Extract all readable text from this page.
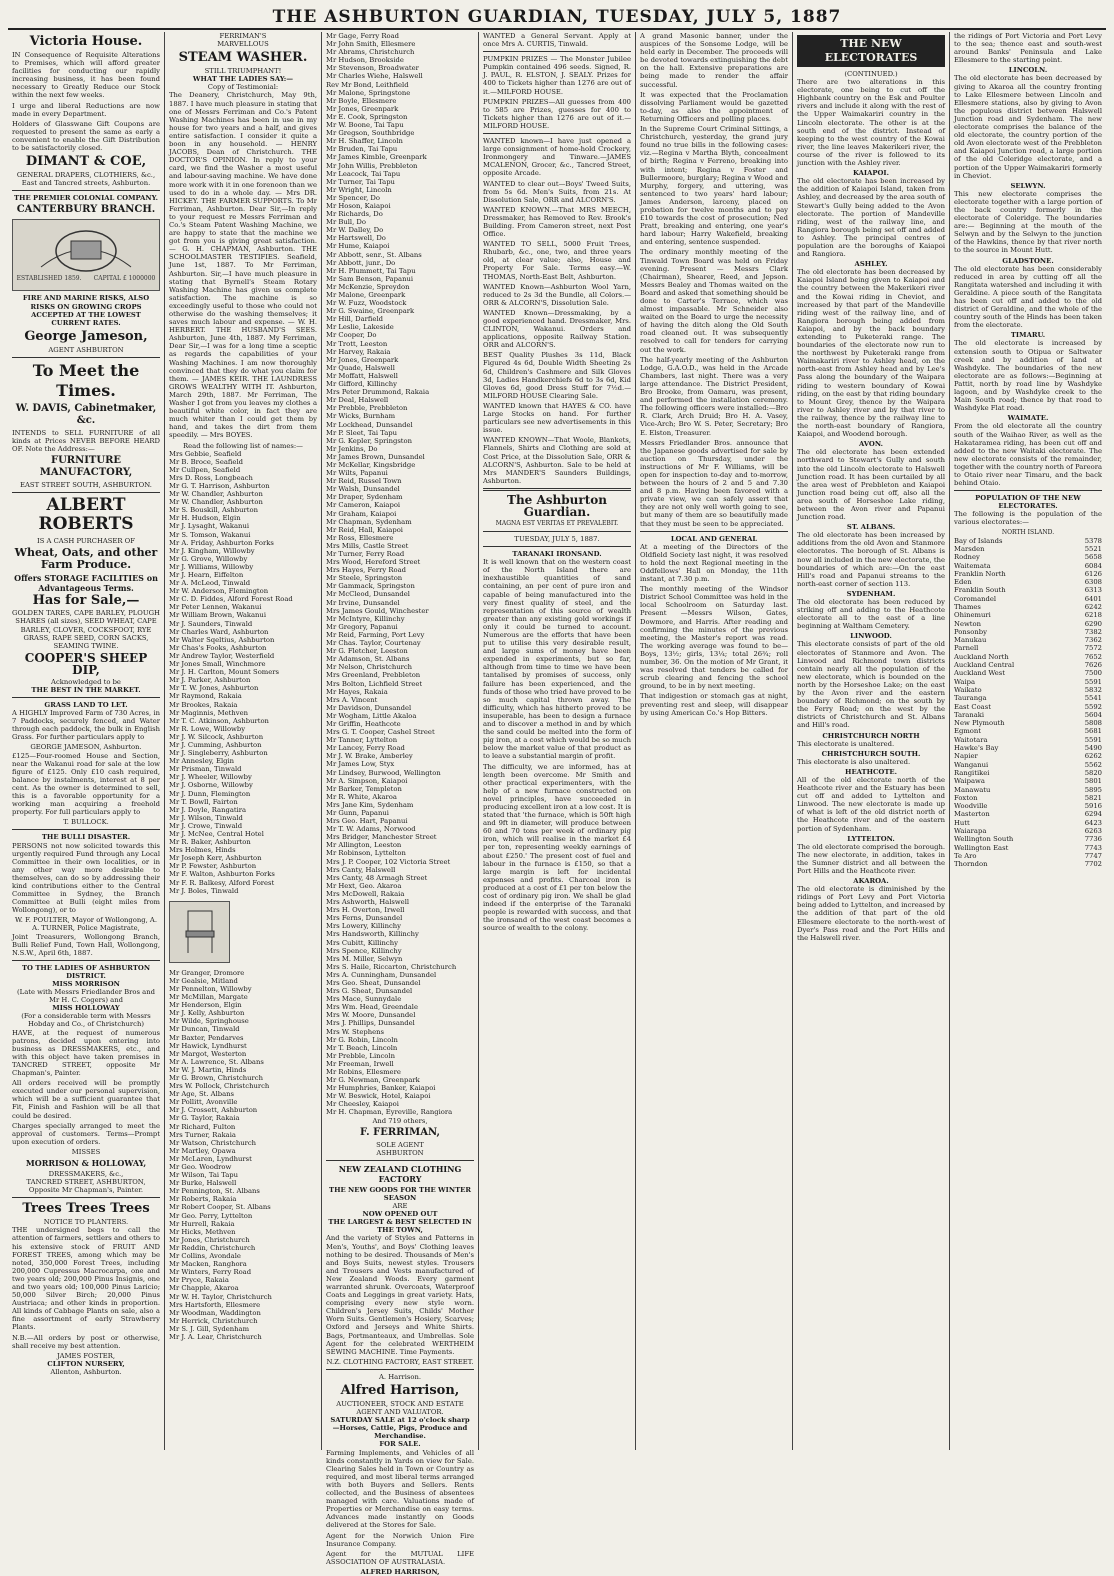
THE ASHBURTON GUARDIAN, TUESDAY, JULY 5, 1887
Victoria House.

IN Consequence of Requisite Alterations to Premises, which will afford greater facilities for conducting our rapidly increasing business, it has been found necessary to Greatly Reduce our Stock within the next few weeks.

I urge and liberal Reductions are now made in every Department.

Holders of Glasswane Gift Coupons are requested to present the same as early a convenient to enable the Gift Distribution to be satisfactorily closed.

DIMANT & COE,
GENERAL DRAPERS, CLOTHIERS, &c.,
East and Tancred streets, Ashburton.
THE PREMIER COLONIAL COMPANY.
CANTERBURY BRANCH.
ESTABLISHED 1859. CAPITAL £ 1000000
FIRE AND MARINE RISKS, ALSO RISKS ON GROWING CROPS ACCEPTED AT THE LOWEST CURRENT RATES.
George Jameson,
AGENT ASHBURTON
To Meet the Times.
W. DAVIS, Cabinetmaker, &c.

INTENDS to SELL FURNITURE of all kinds at Prices NEVER BEFORE HEARD OF. Note the Address:—

FURNITURE MANUFACTORY,
EAST STREET SOUTH, ASHBURTON.
ALBERT ROBERTS
IS A CASH PURCHASER OF
Wheat, Oats, and other Farm Produce.
Offers STORAGE FACILITIES on Advantageous Terms.
Has for Sale,—
GOLDEN TARES, CAPE BARLEY, PLOUGH SHARES (all sizes), SEED WHEAT, CAPE BARLEY, CLOVER, COCKSFOOT, RYE GRASS, RAPE SEED, CORN SACKS, SEAMING TWINE.
COOPER'S SHEEP DIP,
Acknowledged to be
THE BEST IN THE MARKET.
GRASS LAND TO LET.

A HIGHLY Improved Farm of 730 Acres, in 7 Paddocks, securely fenced, and Water through each paddock, the bulk in English Grass. For further particulars apply to

GEORGE JAMESON, Ashburton.

£125—Four-roomed House and Section, near the Wakanui road for sale at the low figure of £125. Only £10 cash required, balance by instalments, interest at 8 per cent. As the owner is determined to sell, this is a favorable opportunity for a working man acquiring a freehold property. For full particulars apply to

T. BULLOCK.
THE BULLI DISASTER.

PERSONS not now solicited towards this urgently required Fund through any Local Committee in their own localities, or in any other way more desirable to themselves, can do so by addressing their kind contributions either to the Central Committee in Sydney, the Branch Committee at Bulli (eight miles from Wollongong), or to

W. F. POULTER, Mayor of Wollongong, A. A. TURNER, Police Magistrate,

Joint Treasurers, Wollongong Branch, Bulli Relief Fund, Town Hall, Wollongong, N.S.W., April 6th, 1887.

TO THE LADIES OF ASHBURTON DISTRICT.
MISS MORRISON
(Late with Messrs Friedlander Bros and Mr H. C. Cogers) and
MISS HOLLOWAY
(For a considerable term with Messrs Hobday and Co., of Christchurch)

HAVE, at the request of numerous patrons, decided upon entering into business as DRESSMAKERS, etc., and with this object have taken premises in TANCRED STREET, opposite Mr Chapman's, Painter.

All orders received will be promptly executed under our personal supervision, which will be a sufficient guarantee that Fit, Finish and Fashion will be all that could be desired.

Charges specially arranged to meet the approval of customers. Terms—Prompt upon execution of orders.

MISSES
MORRISON & HOLLOWAY,
DRESSMAKERS, &c.,
TANCRED STREET, ASHBURTON, Opposite Mr Chapman's, Painter.
Trees Trees Trees
NOTICE TO PLANTERS.

THE undersigned begs to call the attention of farmers, settlers and others to his extensive stock of FRUIT AND FOREST TREES, among which may be noted, 350,000 Forest Trees, including 200,000 Cupressus Macrocarpa, one and two years old; 200,000 Pinus Insignis, one and two years old; 100,000 Pinus Laricio; 50,000 Silver Birch; 20,000 Pinus Austriaca; and other kinds in proportion. All kinds of Cabbage Plants on sale, also a fine assortment of early Strawberry Plants.

N.B.—All orders by post or otherwise, shall receive my best attention.

JAMES FOSTER,
CLIFTON NURSERY,
Allenton, Ashburton.
FERRIMAN'S
MARVELLOUS
STEAM WASHER.
STILL TRIUMPHANT!
WHAT THE LADIES SAY:—
Copy of Testimonial:

The Deanery, Christchurch, May 9th, 1887. I have much pleasure in stating that one of Messrs Ferriman and Co.'s Patent Washing Machines has been in use in my house for two years and a half, and gives entire satisfaction. I consider it quite a boon in any household. — HENRY JACOBS, Dean of Christchurch. THE DOCTOR'S OPINION. In reply to your card, we find the Washer a most useful and labour-saving machine. We have done more work with it in one forenoon than we used to do in a whole day. — Mrs DR. HICKEY. THE FARMER SUPPORTS. To Mr Ferriman, Ashburton. Dear Sir,—In reply to your request re Messrs Ferriman and Co.'s Steam Patent Washing Machine, we are happy to state that the machine we got from you is giving great satisfaction. — G. H. CHAPMAN, Ashburton. THE SCHOOLMASTER TESTIFIES. Seafield, June 1st, 1887. To Mr Ferriman, Ashburton. Sir,—I have much pleasure in stating that Byrnell's Steam Rotary Washing Machine has given us complete satisfaction. The machine is so exceedingly useful to those who could not otherwise do the washing themselves; it saves much labour and expense. — W. H. HERBERT. THE HUSBAND'S SEES. Ashburton, June 4th, 1887. My Ferriman, Dear Sir,—I was for a long time a sceptic as regards the capabilities of your Washing Machines. I am now thoroughly convinced that they do what you claim for them. — JAMES KEIR. THE LAUNDRESS GROWS WEALTHY WITH IT. Ashburton, March 29th, 1887. Mr Ferriman, The Washer I got from you leaves my clothes a beautiful white color, in fact they are much whiter than I could get them by hand, and takes the dirt from them speedily. — Mrs BOYES.

Read the following list of names:—
Mrs Gebbie, Seafield
Mr B. Broce, Seafield
Mr Cullpen, Seafield
Mrs D. Ross, Longbeach
Mr G. T. Harrison, Ashburton
Mr W. Chandler, Ashburton
Mr W. Chandler, Ashburton
Mr S. Bouskill, Ashburton
Mr H. Hudson, Elgin
Mr J. Lysaght, Wakanui
Mr S. Tomson, Wakanui
Mr A. Friday, Ashburton Forks
Mr J. Kingham, Willowby
Mr G. Grove, Willowby
Mr J. Williams, Willowby
Mr J. Hearn, Eiffelton
Mr A. McLeod, Tinwald
Mr W. Anderson, Flemington
Mr C. D. Fiddes, Alford Forest Road
Mr Peter Lennen, Wakanui
Mr William Brown, Wakanui
Mr J. Saunders, Tinwald
Mr Charles Ward, Ashburton
Mr Walter Sqeltius, Ashburton
Mr Chas's Fooks, Ashburton
Mr Andrew Taylor, Westerfield
Mr Jones Small, Winchmore
Mr J. H. Carlton, Mount Somers
Mr J. Parker, Ashburton
Mr T. W. Jones, Ashburton
Mr Raymond, Rakaia
Mr Brookes, Rakaia
Mr Maginnis, Methven
Mr T. C. Atkinson, Ashburton
Mr R. Lowe, Willowby
Mr J. W. Silcock, Ashburton
Mr J. Cumming, Ashburton
Mr J. Singleberry, Ashburton
Mr Annesley, Elgin
Mr Prisman, Tinwald
Mr J. Wheeler, Willowby
Mr J. Osborne, Willowby
Mr J. Dunn, Flemington
Mr T. Bowll, Fairton
Mr J. Doyle, Rangatira
Mr J. Wilson, Tinwald
Mr J. Crowe, Tinwald
Mr J. McNee, Central Hotel
Mr R. Baker, Ashburton
Mrs Holmes, Hinds
Mr Joseph Kerr, Ashburton
Mr P. Fewster, Ashburton
Mr F. Walton, Ashburton Forks
Mr F. R. Balkesy, Alford Forest
Mr J. Boles, Tinwald
Mr Granger, Dromore
Mr Gealsie, Mitland
Mr Pennelton, Willowby
Mr McMillan, Margate
Mr Henderson, Elgin
Mr J. Kelly, Ashburton
Mr Wilde, Springhouse
Mr Duncan, Tinwald
Mr Baxter, Pendarves
Mr Hawick, Lyndhurst
Mr Margot, Westerton
Mr A. Lawrence, St. Albans
Mr W. J. Martin, Hinds
Mr G. Brown, Christchurch
Mrs W. Pollock, Christchurch
Mr Age, St. Albans
Mr Pollitt, Avonville
Mr J. Crossett, Ashburton
Mr G. Taylor, Rakaia
Mr Richard, Fulton
Mrs Turner, Rakaia
Mr Watson, Christchurch
Mr Martley, Opawa
Mr McLaren, Lyndhurst
Mr Geo. Woodrow
Mr Wilson, Tai Tapu
Mr Burke, Halswell
Mr Pennington, St. Albans
Mr Roberts, Rakaia
Mr Robert Cooper, St. Albans
Mr Geo. Perry, Lyttelton
Mr Hurrell, Rakaia
Mr Hicks, Methven
Mr Jones, Christchurch
Mr Reddin, Christchurch
Mr Collins, Avondale
Mr Macken, Ranghora
Mr Winters, Ferry Road
Mr Pryce, Rakaia
Mr Chapple, Akaroa
Mr W. H. Taylor, Christchurch
Mrs Hartsforth, Ellesmere
Mr Woodman, Waddington
Mr Herrick, Christchurch
Mr S. J. Gill, Sydenham
Mr J. A. Lear, Christchurch
Mr Gage, Ferry Road
Mr John Smith, Ellesmere
Mr Abrams, Christchurch
Mr Hudson, Brookside
Mr Stevenson, Broadwater
Mr Charles Wiehe, Halswell
Rev Mr Bond, Leithfield
Mr Malone, Springstone
Mr Boyle, Ellesmere
Mr Jones, Greenpark
Mr E. Cook, Springston
Mr W. Boone, Tai Tapu
Mr Gregson, Southbridge
Mr H. Shaffer, Lincoln
Mr Bruden, Tai Tapu
Mr James Kimble, Greenpark
Mr John Willis, Prebbleton
Mr Leacock, Tai Tapu
Mr Turner, Tai Tapu
Mr Wright, Lincoln
Mr Spencer, Do
Mr Hoson, Kaiapoi
Mr Richards, Do
Mr Bull, Do
Mr W. Dalley, Do
Mr Hartswell, Do
Mr Hume, Kaiapoi
Mr Abbott, senr., St. Albans
Mr Abbott, junr., Do
Mr H. Plummett, Tai Tapu
Mr Sam Benson, Papanui
Mr McKenzie, Spreydon
Mr Malone, Greenpark
Mr W. Fuzz, Woodstock
Mr G. Swaine, Greenpark
Mr Hill, Darfield
Mr Leslie, Lakeside
Mr Cooper, Do
Mr Trott, Leeston
Mr Harvey, Rakaia
Mr Jones, Greenpark
Mr Quade, Halswell
Mr Moffatt, Halswell
Mr Gifford, Killinchy
Mrs Peter Drummond, Rakaia
Mr Deal, Halswell
Mr Prebble, Prebbleton
Mr Wicks, Burnham
Mr Lockhead, Dunsandel
Mr P. Sleet, Tai Tapu
Mr G. Kepler, Springston
Mr Jenkins, Do
Mr James Brown, Dunsandel
Mr McKellar, Kingsbridge
Mr Wilts, Papanui
Mr Reid, Russel Town
Mr Walsh, Dunsandel
Mr Draper, Sydenham
Mr Cameron, Kaiapoi
Mr Graham, Kaiapoi
Mr Chapman, Sydenham
Mr Reid, Hall, Kaiapoi
Mr Ross, Ellesmere
Mrs Mills, Castle Street
Mr Turner, Ferry Road
Mrs Wood, Hereford Street
Mrs Hayes, Ferry Road
Mr Steele, Springston
Mr Gammack, Springston
Mr McCleod, Dunsandel
Mr Irvine, Dunsandel
Mrs James Gould, Winchester
Mr McIntyre, Killinchy
Mr Gregory, Papanui
Mr Reid, Farming, Port Levy
Mr Chas. Taylor, Courtenay
Mr G. Fletcher, Leeston
Mr Adamson, St. Albans
Mr Nelson, Christchurch
Mrs Greenland, Prebbleton
Mrs Bolton, Lichfield Street
Mr Hayes, Rakaia
Mrs A. Vincent
Mr Davidson, Dunsandel
Mr Wogham, Little Akaloa
Mr Griffin, Heathcote
Mrs G. T. Cooper, Cashel Street
Mr Tanner, Lyttelton
Mr Lancey, Ferry Road
Mr J. W. Brake, Amberley
Mr James Low, Styx
Mr Lindsey, Burwood, Wellington
Mr A. Simpson, Kaiapoi
Mr Barker, Templeton
Mr R. White, Akaroa
Mrs Jane Kim, Sydenham
Mr Gunn, Papanui
Mrs Geo. Hart, Papanui
Mr T. W. Adams, Norwood
Mrs Bridger, Manchester Street
Mr Allington, Leeston
Mr Robinson, Lyttelton
Mrs J. P. Cooper, 102 Victoria Street
Mrs Canty, Halswell
Mrs Canty, 48 Armagh Street
Mr Hext, Geo. Akaroa
Mrs McDowell, Rakaia
Mrs Ashworth, Halswell
Mrs H. Overton, Irwell
Mrs Ferns, Dunsandel
Mrs Lowery, Killinchy
Mrs Handsworth, Killinchy
Mrs Cubitt, Killinchy
Mrs Spence, Killinchy
Mrs M. Miller, Selwyn
Mrs S. Haile, Riccarton, Christchurch
Mrs A. Cunningham, Dunsandel
Mrs Geo. Sheat, Dunsandel
Mrs G. Sheat, Dunsandel
Mrs Mace, Sunnydale
Mrs Wm. Head, Greendale
Mrs W. Moore, Dunsandel
Mrs J. Phillips, Dunsandel
Mrs W. Stephens
Mr G. Robin, Lincoln
Mr T. Beach, Lincoln
Mr Prebble, Lincoln
Mr Freeman, Irwell
Mr Robins, Ellesmere
Mr G. Newman, Greenpark
Mr Humphries, Banker, Kaiapoi
Mr W. Beswick, Hotel, Kaiapoi
Mr Cheesley, Kaiapoi
Mr H. Chapman, Eyreville, Rangiora
And 719 others,
F. FERRIMAN,
SOLE AGENT
ASHBURTON
NEW ZEALAND CLOTHING FACTORY
THE NEW GOODS FOR THE WINTER SEASON
ARE
NOW OPENED OUT
THE LARGEST & BEST SELECTED IN THE TOWN,

And the variety of Styles and Patterns in Men's, Youths', and Boys' Clothing leaves nothing to be desired. Thousands of Men's and Boys Suits, newest styles. Trousers and Trousers and Vests manufactured of New Zealand Woods. Every garment warranted shrunk. Overcoats, Waterproof Coats and Leggings in great variety. Hats, comprising every new style worn. Children's Jersey Suits, Childs' Mother Worn Suits. Gentlemen's Hosiery, Scarves; Oxford and Jerseys and White Shirts. Bags, Portmanteaux, and Umbrellas. Sole Agent for the celebrated WERTHEIM SEWING MACHINE. Time Payments.

N.Z. CLOTHING FACTORY, EAST STREET.
A. Harrison.
Alfred Harrison,
AUCTIONEER, STOCK AND ESTATE AGENT AND VALUATOR.
SATURDAY SALE at 12 o'clock sharp —Horses, Cattle, Pigs, Produce and Merchandise.
FOR SALE.

Farming Implements, and Vehicles of all kinds constantly in Yards on view for Sale. Clearing Sales held in Town or Country as required, and most liberal terms arranged with both Buyers and Sellers. Rents collected, and the Business of absentees managed with care. Valuations made of Properties or Merchandise on easy terms. Advances made instantly on Goods delivered at the Stores for Sale.

Agent for the Norwich Union Fire Insurance Company.

Agent for the MUTUAL LIFE ASSOCIATION OF AUSTRALASIA.

ALFRED HARRISON,

WANTED a General Servant. Apply at once Mrs A. CURTIS, Tinwald.

PUMPKIN PRIZES — The Monster Jubilee Pumpkin contained 496 seeds. Signed, R. J. PAUL, R. ELSTON, J. SEALY. Prizes for 400 to Tickets higher than 1276 are out of it.—MILFORD HOUSE.

PUMPKIN PRIZES—All guesses from 400 to 585 are Prizes, guesses for 400 to Tickets higher than 1276 are out of it.—MILFORD HOUSE.

WANTED known—I have just opened a large consignment of home-hold Crockery, Ironmongery and Tinware.—JAMES MCALENON, Grocer, &c., Tancred Street, opposite Arcade.

WANTED to clear out—Boys' Tweed Suits, from 5s 6d. Men's Suits, from 21s. At Dissolution Sale, ORR and ALCORN'S.

WANTED KNOWN.—That MRS MEECH, Dressmaker, has Removed to Rev. Brook's Building. From Cameron street, next Post Office.

WANTED TO SELL, 5000 Fruit Trees, Rhubarb, &c., one, two, and three years old, at clear value; also, House and Property For Sale. Terms easy.—W. THOMAS, North-East Belt, Ashburton.

WANTED Known—Ashburton Wool Yarn, reduced to 2s 3d the Bundle, all Colors.—ORR & ALCORN'S, Dissolution Sale.

WANTED Known—Dressmaking, by a good experienced hand. Dressmaker, Mrs. CLINTON, Wakanui. Orders and applications, opposite Railway Station. ORR and ALCORN'S.

BEST Quality Plushes 3s 11d, Black Figured 4s 6d, Double Width Sheeting 2s 6d, Children's Cashmere and Silk Gloves 3d, Ladies Handkerchiefs 6d to 3s 6d, Kid Gloves 6d, good Dress Stuff for 7½d.—MILFORD HOUSE Clearing Sale.

WANTED known that HAYES & CO. have Large Stocks on hand. For further particulars see new advertisements in this issue.

WANTED KNOWN—That Woole, Blankets, Flannels, Shirts and Clothing are sold at Cost Price, at the Dissolution Sale, ORR & ALCORN'S, Ashburton. Sale to be held at Mrs MANDER'S Saunders Buildings, Ashburton.

The Ashburton Guardian.
MAGNA EST VERITAS ET PREVALEBIT.
TUESDAY, JULY 5, 1887.
TARANAKI IRONSAND.

It is well known that on the western coast of the North Island there are inexhaustible quantities of sand containing, an per cent of pure iron and capable of being manufactured into the very finest quality of steel, and the representation of this source of wealth greater than any existing gold workings if only it could be turned to account. Numerous are the efforts that have been put to utilise this very desirable result, and large sums of money have been expended in experiments, but so far, although from time to time we have been tantalised by promises of success, only failure has been experienced, and the funds of those who tried have proved to be so much capital thrown away. The difficulty, which has hitherto proved to be insuperable, has been to design a furnace and to discover a method in and by which the sand could be melted into the form of pig iron, at a cost which would be so much below the market value of that product as to leave a substantial margin of profit.

The difficulty, we are informed, has at length been overcome. Mr Smith and other practical experimenters, with the help of a new furnace constructed on novel principles, have succeeded in producing excellent iron at a low cost. It is stated that 'the furnace, which is 50ft high and 9ft in diameter, will produce between 60 and 70 tons per week of ordinary pig iron, which will realise in the market £4 per ton, representing weekly earnings of about £250.' The present cost of fuel and labour in the furnace is £150, so that a large margin is left for incidental expenses and profits. Charcoal iron is produced at a cost of £1 per ton below the cost of ordinary pig iron. We shall be glad indeed if the enterprise of the Taranaki people is rewarded with success, and that the ironsand of the west coast becomes a source of wealth to the colony.

A grand Masonic banner, under the auspices of the Sonsome Lodge, will be held early in December. The proceeds will be devoted towards extinguishing the debt on the hall. Extensive preparations are being made to render the affair successful.

It was expected that the Proclamation dissolving Parliament would be gazetted to-day, as also the appointment of Returning Officers and polling places.

In the Supreme Court Criminal Sittings, a Christchurch, yesterday, the grand jury found no true bills in the following cases: viz.—Regina v Martha Blyth, concealment of birth; Regina v Ferreno, breaking into with intent; Regina v Foster and Bullermoore, burglary; Regina v Wood and Murphy, forgery, and uttering, was sentenced to two years' hard labour; James Anderson, larceny, placed on probation for twelve months and to pay £10 towards the cost of prosecution; Ned Pratt, breaking and entering, one year's hard labour; Harry Wakefield, breaking and entering, sentence suspended.

The ordinary monthly meeting of the Tinwald Town Board was held on Friday evening. Present — Messrs Clark (Chairman), Shearer, Reed, and Jepson. Messrs Bealey and Thomas waited on the Board and asked that something should be done to Carter's Terrace, which was almost impassable. Mr Schneider also waited on the Board to urge the necessity of having the ditch along the Old South road cleaned out. It was subsequently resolved to call for tenders for carrying out the work.

The half-yearly meeting of the Ashburton Lodge, G.A.O.D., was held in the Arcade Chambers, last night. There was a very large attendance. The District President, Bro Brooke, from Oamaru, was present, and performed the installation ceremony. The following officers were installed:—Bro R. Clark, Arch Druid; Bro H. A. Vasey, Vice-Arch; Bro W. S. Peter, Secretary; Bro E. Elston, Treasurer.

Messrs Friedlander Bros. announce that the Japanese goods advertised for sale by auction on Thursday, under the instructions of Mr F. Williams, will be open for inspection to-day and to-morrow, between the hours of 2 and 5 and 7.30 and 8 p.m. Having been favored with a private view, we can safely assert that they are not only well worth going to see, but many of them are so beautifully made that they must be seen to be appreciated.

LOCAL AND GENERAL

At a meeting of the Directors of the Oldfield Society last night, it was resolved to hold the next Regional meeting in the Oddfellows' Hall on Monday, the 11th instant, at 7.30 p.m.

The monthly meeting of the Windsor District School Committee was held in the local Schoolroom on Saturday last. Present —Messrs Wilson, Gates, Dowmore, and Harris. After reading and confirming the minutes of the previous meeting, the Master's report was read. The working average was found to be—Boys, 13½; girls, 13¼; total 26¾; roll number, 36. On the motion of Mr Grant, it was resolved that tenders be called for scrub clearing and fencing the school ground, to be in by next meeting.

That indigestion or stomach gas at night, preventing rest and sleep, will disappear by using American Co.'s Hop Bitters.

THE NEW ELECTORATES
(CONTINUED.)

There are two alterations in this electorate, one being to cut off the Highbank country on the Esk and Poulter rivers and include it along with the rest of the Upper Waimakariri country in the Lincoln electorate. The other is at the south end of the district. Instead of keeping to the west country of the Kowai river, the line leaves Makerikeri river, the course of the river is followed to its junction with the Ashley river.

KAIAPOI.

The old electorate has been increased by the addition of Kaiapoi Island, taken from Ashley, and decreased by the area south of Stewart's Gully being added to the Avon electorate. The portion of Mandeville riding, west of the railway line, and Rangiora borough being set off and added to Ashley. The principal centres of population are the boroughs of Kaiapoi and Rangiora.

ASHLEY.

The old electorate has been decreased by Kaiapoi Island being given to Kaiapoi and the country between the Makerikeri river and the Kowai riding in Cheviot, and increased by that part of the Mandeville riding west of the railway line, and of Rangiora borough being added from Kaiapoi, and by the back boundary extending to Puketeraki range. The boundaries of the electorate now run to the northwest by Puketeraki range from Waimakariri river to Ashley head, on the north-east from Ashley head and by Lee's Pass along the boundary of the Waipara riding to western boundary of Kowai riding, on the east by that riding boundary to Mount Grey, thence by the Waipara river to Ashley river and by that river to the railway, thence by the railway line to the north-east boundary of Rangiora, Kaiapoi, and Woodend borough.

AVON.

The old electorate has been extended northward to Stewart's Gully and south into the old Lincoln electorate to Halswell Junction road. It has been curtailed by all the area west of Prebbleton and Kaiapoi Junction road being cut off, also all the area south of Horseshoe Lake riding, between the Avon river and Papanui Junction road.

ST. ALBANS.

The old electorate has been increased by additions from the old Avon and Stanmore electorates. The borough of St. Albans is now all included in the new electorate, the boundaries of which are:—On the east Hill's road and Papanui streams to the north-east corner of section 113.

SYDENHAM.

The old electorate has been reduced by striking off and adding to the Heathcote electorate all to the east of a line beginning at Waltham Cemetery.

LINWOOD.

This electorate consists of part of the old electorates of Stanmore and Avon. The Linwood and Richmond town districts contain nearly all the population of the new electorate, which is bounded on the north by the Horseshoe Lake; on the east by the Avon river and the eastern boundary of Richmond; on the south by the Ferry Road; on the west by the districts of Christchurch and St. Albans and Hill's road.

CHRISTCHURCH NORTH

This electorate is unaltered.

CHRISTCHURCH SOUTH.

This electorate is also unaltered.

HEATHCOTE.

All of the old electorate north of the Heathcote river and the Estuary has been cut off and added to Lyttelton and Linwood. The new electorate is made up of what is left of the old district north of the Heathcote river and of the eastern portion of Sydenham.

LYTTELTON.

The old electorate comprised the borough. The new electorate, in addition, takes in the Sumner district and all between the Port Hills and the Heathcote river.

AKAROA.

The old electorate is diminished by the ridings of Port Levy and Port Victoria being added to Lyttelton, and increased by the addition of that part of the old Ellesmere electorate to the north-west of Dyer's Pass road and the Port Hills and the Halswell river.

the ridings of Port Victoria and Port Levy to the sea; thence east and south-west around Banks' Peninsula and Lake Ellesmere to the starting point.

LINCOLN.

The old electorate has been decreased by giving to Akaroa all the country fronting to Lake Ellesmere between Lincoln and Ellesmere stations, also by giving to Avon the populous district between Halswell Junction road and Sydenham. The new electorate comprises the balance of the old electorate, the country portion of the old Avon electorate west of the Prebbleton and Kaiapoi Junction road, a large portion of the old Coleridge electorate, and a portion of the Upper Waimakariri formerly in Cheviot.

SELWYN.

This new electorate comprises the electorate together with a large portion of the back country formerly in the electorate of Coleridge. The boundaries are:— Beginning at the mouth of the Selwyn and by the Selwyn to the junction of the Hawkins, thence by that river north to the source in Mount Hutt.

GLADSTONE.

The old electorate has been considerably reduced in area by cutting off all the Rangitata watershed and including it with Geraldine. A piece south of the Rangitata has been cut off and added to the old district of Geraldine, and the whole of the country south of the Hinds has been taken from the electorate.

TIMARU.

The old electorate is increased by extension south to Otipua or Saltwater creek and by addition of land at Washdyke. The boundaries of the new electorate are as follows:—Beginning at Pattit, north by road line by Washdyke lagoon, and by Washdyke creek to the Main South road; thence by that road to Washdyke Flat road.

WAIMATE.

From the old electorate all the country south of the Waihao River, as well as the Hakataramea riding, has been cut off and added to the new Waitaki electorate. The new electorate consists of the remainder, together with the country north of Pareora to Otaio river near Timaru, and the back behind Otaio.

POPULATION OF THE NEW ELECTORATES.

The following is the population of the various electorates:—

NORTH ISLAND.
Bay of Islands	5378
Marsden	5521
Rodney	5658
Waitemata	6084
Franklin North	6126
Eden	6308
Franklin South	6313
Coromandel	6401
Thames	6242
Ohinemuri	6218
Newton	6290
Ponsonby	7382
Manukau	7362
Parnell	7572
Auckland North	7652
Auckland Central	7626
Auckland West	7500
Waipa	5591
Waikato	5832
Tauranga	5541
East Coast	5592
Taranaki	5604
New Plymouth	5808
Egmont	5681
Waitotara	5591
Hawke's Bay	5490
Napier	6262
Wanganui	5562
Rangitikei	5820
Waipawa	5801
Manawatu	5895
Foxton	5821
Woodville	5916
Masterton	6294
Hutt	6423
Waiarapa	6263
Wellington South	7736
Wellington East	7743
Te Aro	7747
Thorndon	7702
